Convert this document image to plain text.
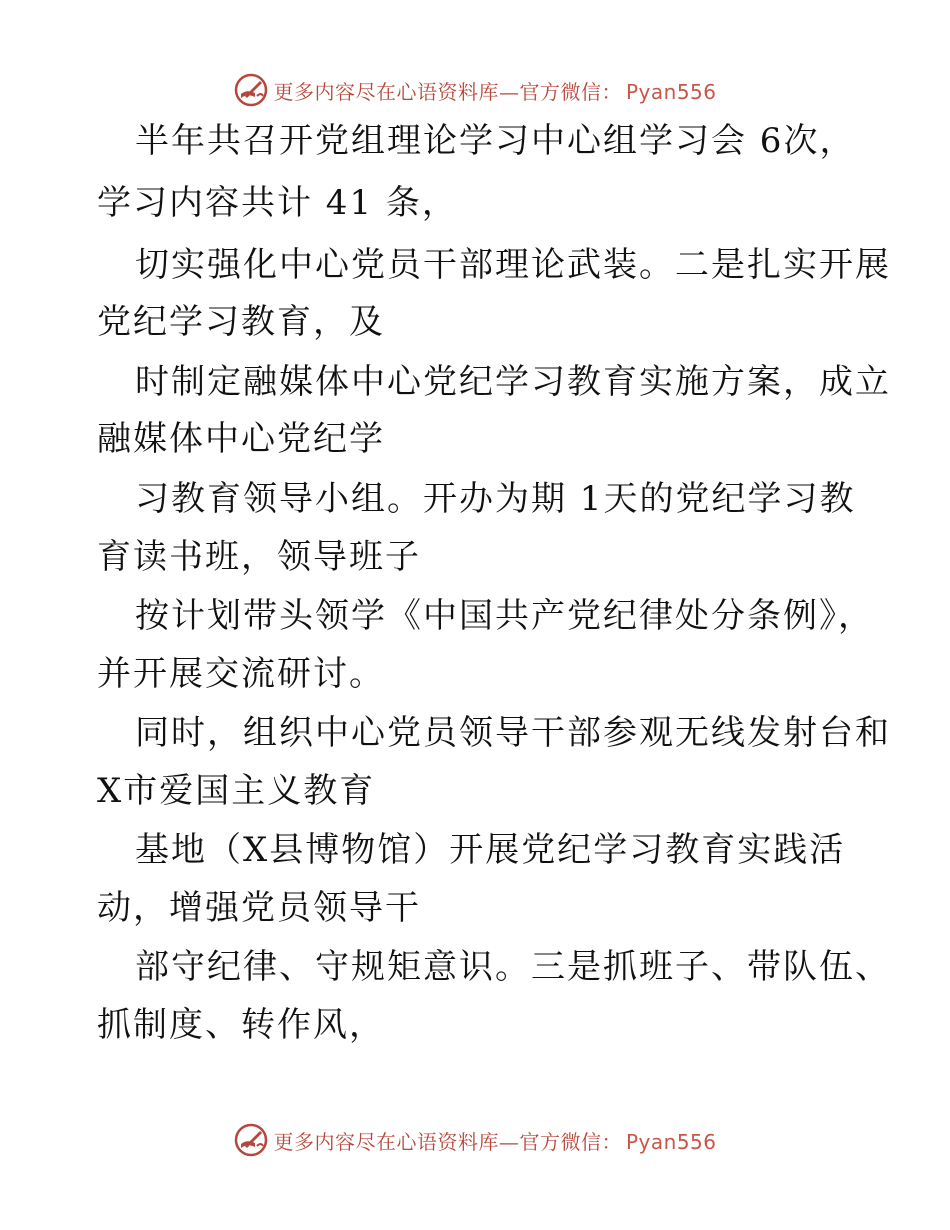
更多内容尽在心语资料库—官方微信： Pyan556
半年共召开党组理论学习中心组学习会 6次，
学习内容共计 41 条，
切实强化中心党员干部理论武装。二是扎实开展
党纪学习教育，及
时制定融媒体中心党纪学习教育实施方案，成立
融媒体中心党纪学
习教育领导小组。开办为期 1天的党纪学习教
育读书班，领导班子
按计划带头领学《中国共产党纪律处分条例》，
并开展交流研讨。
同时，组织中心党员领导干部参观无线发射台和
X市爱国主义教育
基地（X县博物馆）开展党纪学习教育实践活
动，增强党员领导干
部守纪律、守规矩意识。三是抓班子、带队伍、
抓制度、转作风，
更多内容尽在心语资料库—官方微信： Pyan556
